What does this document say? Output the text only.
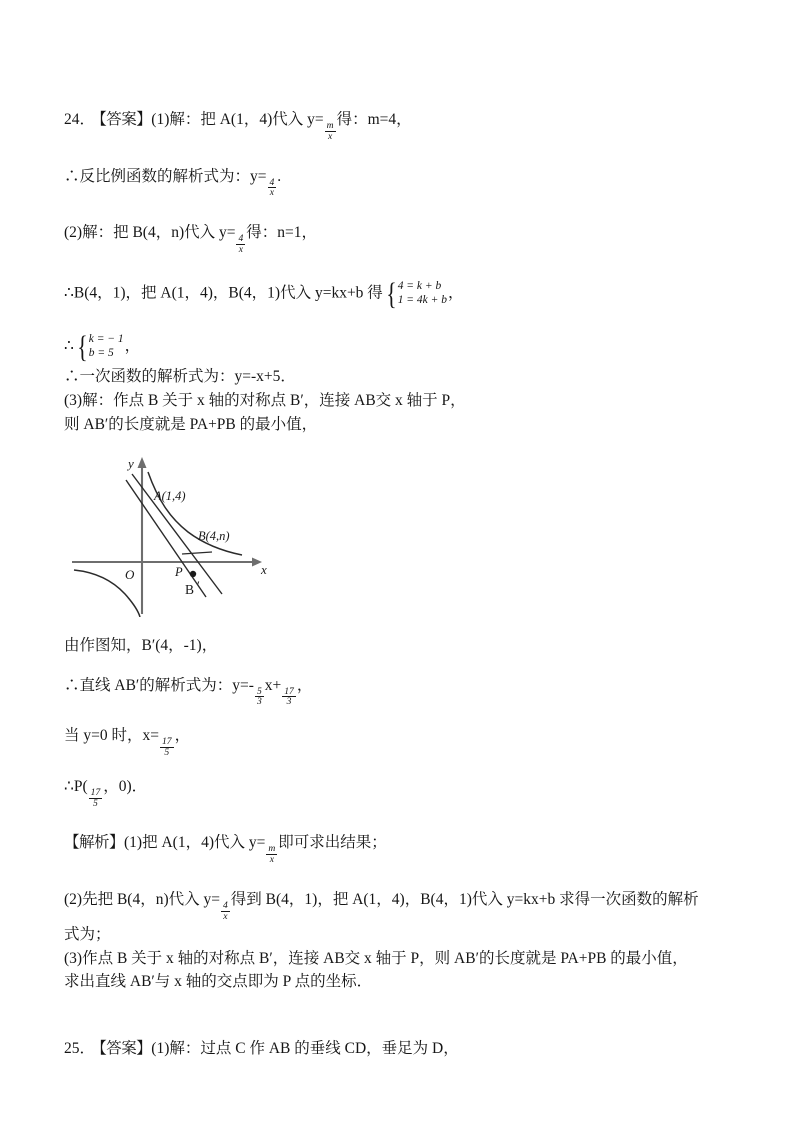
24． 【答案】(1)解：把 A(1，4)代入 y=
$\frac{m}{x}$
得：m=4，
∴反比例函数的解析式为：y=
$\frac{4}{x}$
.
(2)解：把 B(4，n)代入 y=
$\frac{4}{x}$
得：n=1，
∴B(4，1)，把 A(1，4)，B(4，1)代入 y=kx+b 得 { 4 = k + b
1 = 4k + b ，
∴ { k = − 1
b = 5 ，
∴一次函数的解析式为：y=-x+5．
(3)解：作点 B 关于 x 轴的对称点 B′，连接 AB交 x 轴于 P，
则 AB′的长度就是 PA+PB 的最小值，
y
x
O
A(1,4)
B(4,n)
P
B ′
由作图知，B′(4，-1)，
∴直线 AB′的解析式为：y=-
$\frac{5}{3}$
x+
$\frac{17}{3}$
，
当 y=0 时，x=
$\frac{17}{5}$
，
∴P(
$\frac{17}{5}$
，0)．
【解析】(1)把 A(1，4)代入 y=
$\frac{m}{x}$
即可求出结果；
(2)先把 B(4，n)代入 y=
$\frac{4}{x}$
得到 B(4，1)，把 A(1，4)，B(4，1)代入 y=kx+b 求得一次函数的解析
式为；
(3)作点 B 关于 x 轴的对称点 B′，连接 AB交 x 轴于 P，则 AB′的长度就是 PA+PB 的最小值，
求出直线 AB′与 x 轴的交点即为 P 点的坐标．
25． 【答案】(1)解：过点 C 作 AB 的垂线 CD，垂足为 D，
